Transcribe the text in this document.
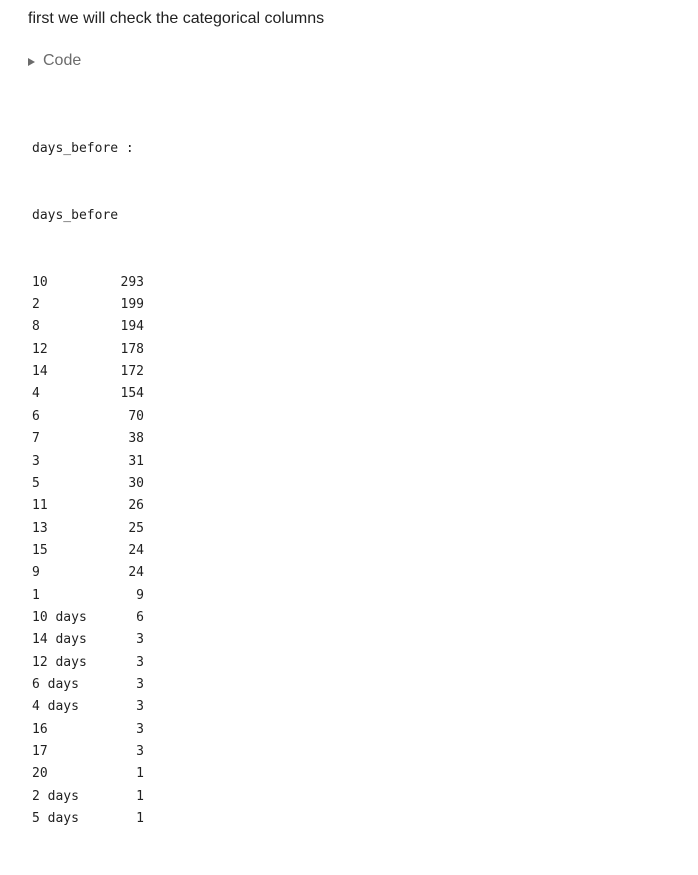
first we will check the categorical columns
Code

days_before :

days_before

10	293
2	199
8	194
12	178
14	172
4	154
6	70
7	38
3	31
5	30
11	26
13	25
15	24
9	24
1	9
10 days	6
14 days	3
12 days	3
6 days	3
4 days	3
16	3
17	3
20	1
2 days	1
5 days	1
